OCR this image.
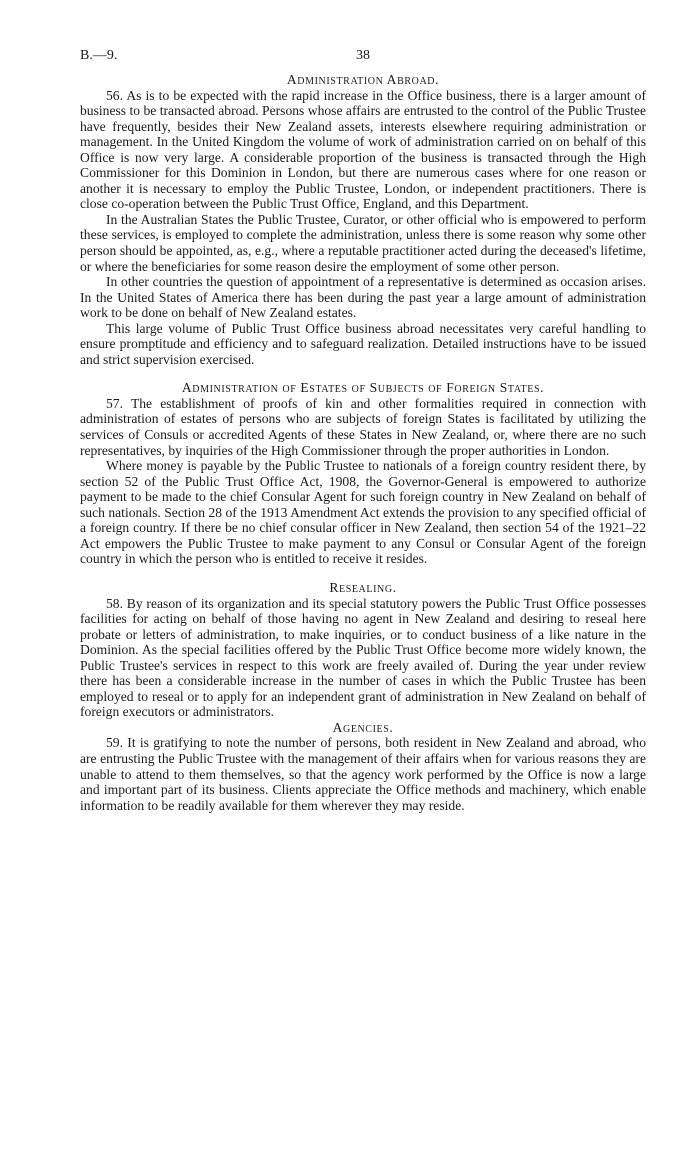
B.—9.	38
Administration Abroad.

56. As is to be expected with the rapid increase in the Office business, there is a larger amount of business to be transacted abroad. Persons whose affairs are entrusted to the control of the Public Trustee have frequently, besides their New Zealand assets, interests elsewhere requiring administration or management. In the United Kingdom the volume of work of administration carried on on behalf of this Office is now very large. A considerable proportion of the business is transacted through the High Commissioner for this Dominion in London, but there are numerous cases where for one reason or another it is necessary to employ the Public Trustee, London, or independent practitioners. There is close co-operation between the Public Trust Office, England, and this Department.

In the Australian States the Public Trustee, Curator, or other official who is empowered to perform these services, is employed to complete the administration, unless there is some reason why some other person should be appointed, as, e.g., where a reputable practitioner acted during the deceased's lifetime, or where the beneficiaries for some reason desire the employment of some other person.

In other countries the question of appointment of a representative is determined as occasion arises. In the United States of America there has been during the past year a large amount of administration work to be done on behalf of New Zealand estates.

This large volume of Public Trust Office business abroad necessitates very careful handling to ensure promptitude and efficiency and to safeguard realization. Detailed instructions have to be issued and strict supervision exercised.

Administration of Estates of Subjects of Foreign States.

57. The establishment of proofs of kin and other formalities required in connection with administration of estates of persons who are subjects of foreign States is facilitated by utilizing the services of Consuls or accredited Agents of these States in New Zealand, or, where there are no such representatives, by inquiries of the High Commissioner through the proper authorities in London.

Where money is payable by the Public Trustee to nationals of a foreign country resident there, by section 52 of the Public Trust Office Act, 1908, the Governor-General is empowered to authorize payment to be made to the chief Consular Agent for such foreign country in New Zealand on behalf of such nationals. Section 28 of the 1913 Amendment Act extends the provision to any specified official of a foreign country. If there be no chief consular officer in New Zealand, then section 54 of the 1921–22 Act empowers the Public Trustee to make payment to any Consul or Consular Agent of the foreign country in which the person who is entitled to receive it resides.

Resealing.

58. By reason of its organization and its special statutory powers the Public Trust Office possesses facilities for acting on behalf of those having no agent in New Zealand and desiring to reseal here probate or letters of administration, to make inquiries, or to conduct business of a like nature in the Dominion. As the special facilities offered by the Public Trust Office become more widely known, the Public Trustee's services in respect to this work are freely availed of. During the year under review there has been a considerable increase in the number of cases in which the Public Trustee has been employed to reseal or to apply for an independent grant of administration in New Zealand on behalf of foreign executors or administrators.

Agencies.

59. It is gratifying to note the number of persons, both resident in New Zealand and abroad, who are entrusting the Public Trustee with the management of their affairs when for various reasons they are unable to attend to them themselves, so that the agency work performed by the Office is now a large and important part of its business. Clients appreciate the Office methods and machinery, which enable information to be readily available for them wherever they may reside.
